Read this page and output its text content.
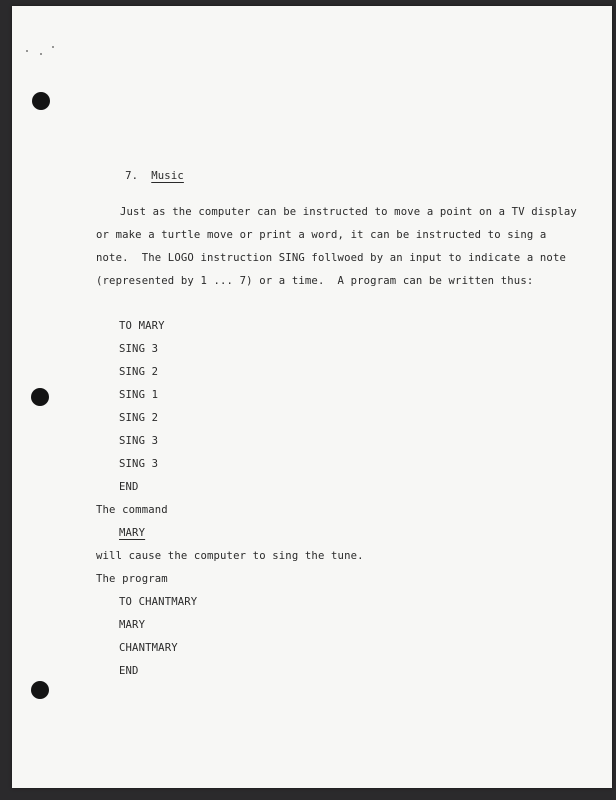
7. Music

Just as the computer can be instructed to move a point on a TV display
or make a turtle move or print a word, it can be instructed to sing a
note.  The LOGO instruction SING follwoed by an input to indicate a note
(represented by 1 ... 7) or a time.  A program can be written thus:
TO MARY
SING 3
SING 2
SING 1
SING 2
SING 3
SING 3
END
The command
MARY
will cause the computer to sing the tune.
The program
TO CHANTMARY
MARY
CHANTMARY
END
